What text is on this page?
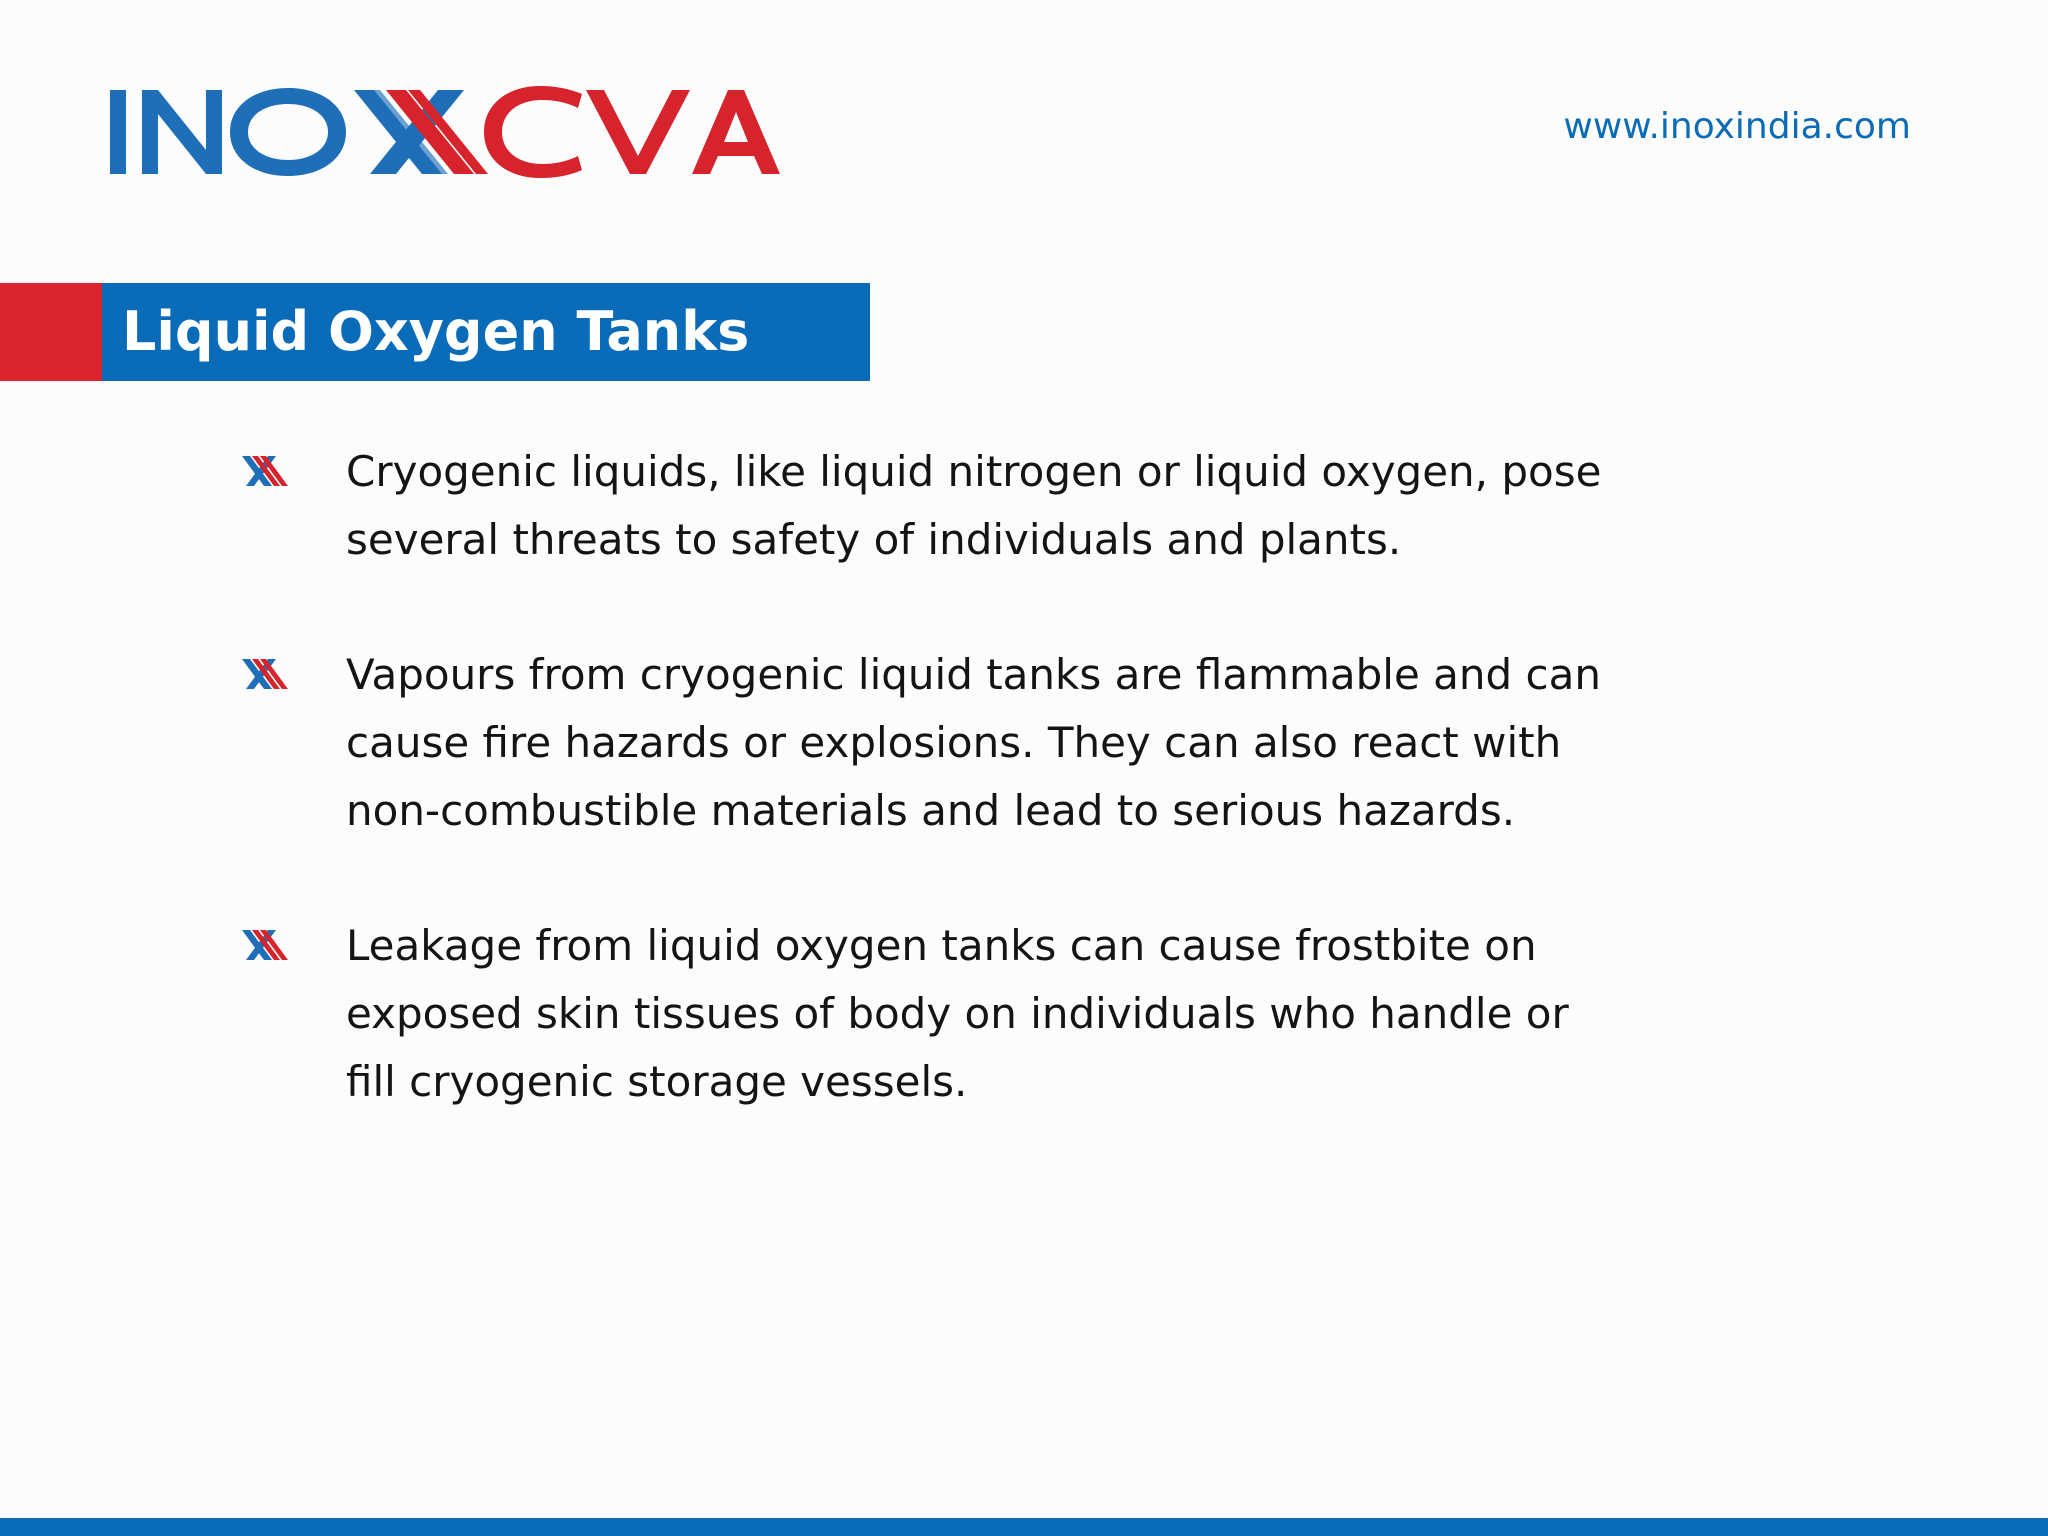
www.inoxindia.com
Liquid Oxygen Tanks
Cryogenic liquids, like liquid nitrogen or liquid oxygen, pose several threats to safety of individuals and plants.
Vapours from cryogenic liquid tanks are flammable and can cause fire hazards or explosions. They can also react with non-combustible materials and lead to serious hazards.
Leakage from liquid oxygen tanks can cause frostbite on exposed skin tissues of body on individuals who handle or fill cryogenic storage vessels.
